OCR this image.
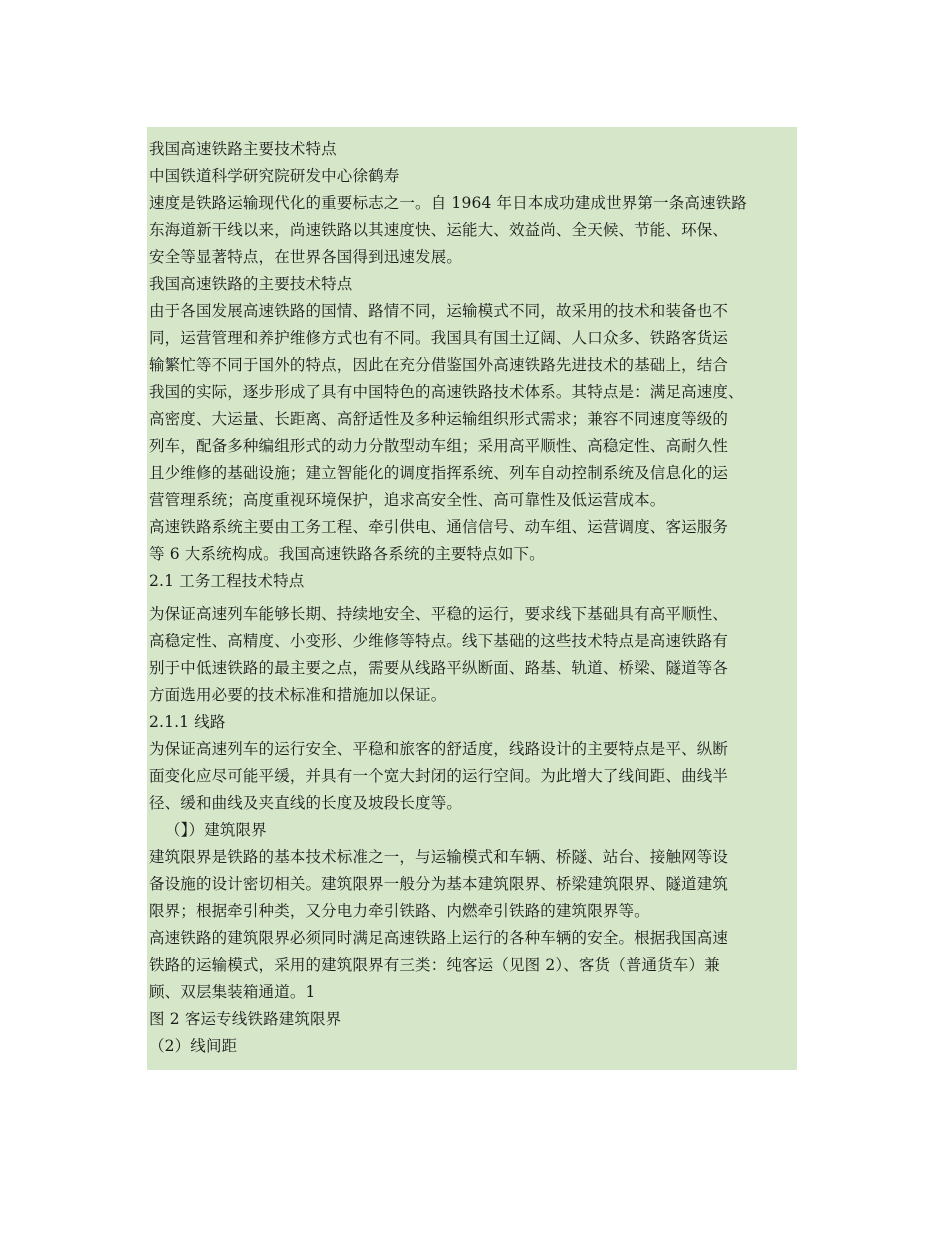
我国高速铁路主要技术特点
中国铁道科学研究院研发中心徐鹤寿
速度是铁路运输现代化的重要标志之一。自 1964 年日本成功建成世界第一条高速铁路
东海道新干线以来，尚速铁路以其速度快、运能大、效益尚、全天候、节能、环保、
安全等显著特点，在世界各国得到迅速发展。
我国高速铁路的主要技术特点
由于各国发展高速铁路的国情、路情不同，运输模式不同，故采用的技术和装备也不
同，运营管理和养护维修方式也有不同。我国具有国土辽阔、人口众多、铁路客货运
输繁忙等不同于国外的特点，因此在充分借鉴国外高速铁路先进技术的基础上，结合
我国的实际，逐步形成了具有中国特色的高速铁路技术体系。其特点是：满足高速度、
高密度、大运量、长距离、高舒适性及多种运输组织形式需求；兼容不同速度等级的
列车，配备多种编组形式的动力分散型动车组；采用高平顺性、高稳定性、高耐久性
且少维修的基础设施；建立智能化的调度指挥系统、列车自动控制系统及信息化的运
营管理系统；高度重视环境保护，追求高安全性、高可靠性及低运营成本。
高速铁路系统主要由工务工程、牵引供电、通信信号、动车组、运营调度、客运服务
等 6 大系统构成。我国高速铁路各系统的主要特点如下。
2.1 工务工程技术特点
为保证高速列车能够长期、持续地安全、平稳的运行，要求线下基础具有高平顺性、
高稳定性、高精度、小变形、少维修等特点。线下基础的这些技术特点是高速铁路有
别于中低速铁路的最主要之点，需要从线路平纵断面、路基、轨道、桥梁、隧道等各
方面选用必要的技术标准和措施加以保证。
2.1.1 线路
为保证高速列车的运行安全、平稳和旅客的舒适度，线路设计的主要特点是平、纵断
面变化应尽可能平缓，并具有一个宽大封闭的运行空间。为此增大了线间距、曲线半
径、缓和曲线及夹直线的长度及坡段长度等。
（】）建筑限界
建筑限界是铁路的基本技术标准之一，与运输模式和车辆、桥隧、站台、接触网等设
备设施的设计密切相关。建筑限界一般分为基本建筑限界、桥梁建筑限界、隧道建筑
限界；根据牵引种类，又分电力牵引铁路、内燃牵引铁路的建筑限界等。
高速铁路的建筑限界必须同时满足高速铁路上运行的各种车辆的安全。根据我国高速
铁路的运输模式，采用的建筑限界有三类：纯客运（见图 2）、客货（普通货车）兼
顾、双层集装箱通道。1
图 2 客运专线铁路建筑限界
（2）线间距
